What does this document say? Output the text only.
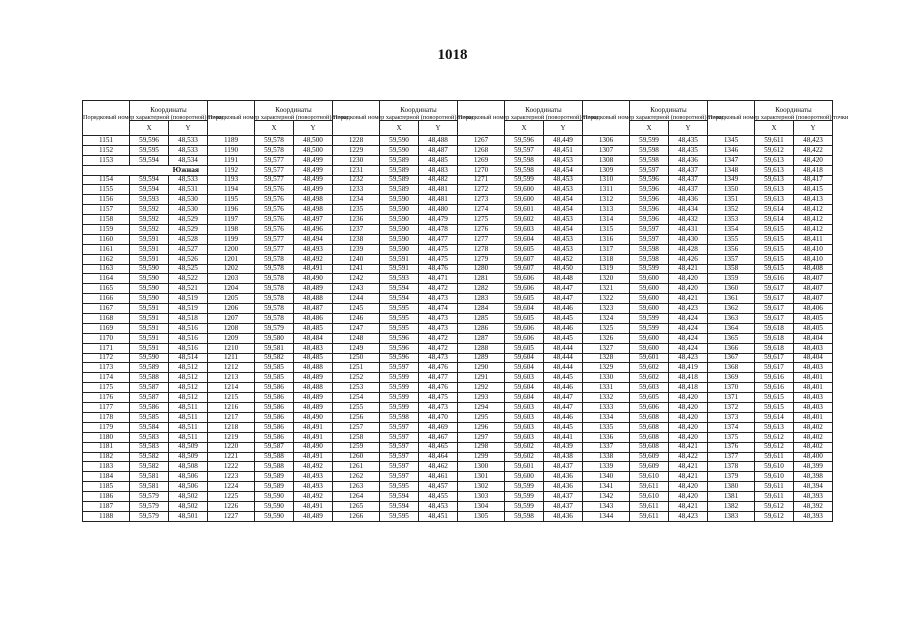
1018
Порядковый номер характерной (поворотной) точки	Координаты	
	X	Y
1151	59,596	48,533
1152	59,595	48,533
1153	59,594	48,534
Южная		
1154	59,594	48,533
1155	59,594	48,531
1156	59,593	48,530
1157	59,592	48,530
1158	59,592	48,529
1159	59,592	48,529
1160	59,591	48,528
1161	59,591	48,527
1162	59,591	48,526
1163	59,590	48,525
1164	59,590	48,522
1165	59,590	48,521
1166	59,590	48,519
1167	59,591	48,519
1168	59,591	48,518
1169	59,591	48,516
1170	59,591	48,516
1171	59,591	48,516
1172	59,590	48,514
1173	59,589	48,512
1174	59,588	48,512
1175	59,587	48,512
1176	59,587	48,512
1177	59,586	48,511
1178	59,585	48,511
1179	59,584	48,511
1180	59,583	48,511
1181	59,583	48,509
1182	59,582	48,509
1183	59,582	48,508
1184	59,581	48,506
1185	59,581	48,506
1186	59,579	48,502
1187	59,579	48,502
1188	59,579	48,501
Порядковый номер характерной (поворотной) точки	Координаты	
	X	Y
1189	59,578	48,500
1190	59,578	48,500
1191	59,577	48,499
1192	59,577	48,499
1193	59,577	48,499
1194	59,576	48,499
1195	59,576	48,498
1196	59,576	48,498
1197	59,576	48,497
1198	59,576	48,496
1199	59,577	48,494
1200	59,577	48,493
1201	59,578	48,492
1202	59,578	48,491
1203	59,578	48,490
1204	59,578	48,489
1205	59,578	48,488
1206	59,578	48,487
1207	59,578	48,486
1208	59,579	48,485
1209	59,580	48,484
1210	59,581	48,483
1211	59,582	48,485
1212	59,585	48,488
1213	59,585	48,489
1214	59,586	48,488
1215	59,586	48,489
1216	59,586	48,489
1217	59,586	48,490
1218	59,586	48,491
1219	59,586	48,491
1220	59,587	48,490
1221	59,588	48,491
1222	59,588	48,492
1223	59,589	48,493
1224	59,589	48,493
1225	59,590	48,492
1226	59,590	48,491
1227	59,590	48,489
Порядковый номер характерной (поворотной) точки	Координаты	
	X	Y
1228	59,590	48,488
1229	59,590	48,487
1230	59,589	48,485
1231	59,589	48,483
1232	59,589	48,482
1233	59,589	48,481
1234	59,590	48,481
1235	59,590	48,480
1236	59,590	48,479
1237	59,590	48,478
1238	59,590	48,477
1239	59,590	48,475
1240	59,591	48,475
1241	59,591	48,476
1242	59,593	48,471
1243	59,594	48,472
1244	59,594	48,473
1245	59,595	48,474
1246	59,595	48,473
1247	59,595	48,473
1248	59,596	48,472
1249	59,596	48,472
1250	59,596	48,473
1251	59,597	48,476
1252	59,599	48,477
1253	59,599	48,476
1254	59,599	48,475
1255	59,599	48,473
1256	59,598	48,470
1257	59,597	48,469
1258	59,597	48,467
1259	59,597	48,465
1260	59,597	48,464
1261	59,597	48,462
1262	59,597	48,461
1263	59,595	48,457
1264	59,594	48,455
1265	59,594	48,453
1266	59,595	48,451
Порядковый номер характерной (поворотной) точки	Координаты	
	X	Y
1267	59,596	48,449
1268	59,597	48,451
1269	59,598	48,453
1270	59,598	48,454
1271	59,599	48,453
1272	59,600	48,453
1273	59,600	48,454
1274	59,601	48,454
1275	59,602	48,453
1276	59,603	48,454
1277	59,604	48,453
1278	59,605	48,453
1279	59,607	48,452
1280	59,607	48,450
1281	59,606	48,448
1282	59,606	48,447
1283	59,605	48,447
1284	59,604	48,446
1285	59,605	48,445
1286	59,606	48,446
1287	59,606	48,445
1288	59,605	48,444
1289	59,604	48,444
1290	59,604	48,444
1291	59,603	48,445
1292	59,604	48,446
1293	59,604	48,447
1294	59,603	48,447
1295	59,603	48,446
1296	59,603	48,445
1297	59,603	48,441
1298	59,602	48,439
1299	59,602	48,438
1300	59,601	48,437
1301	59,600	48,436
1302	59,599	48,436
1303	59,599	48,437
1304	59,599	48,437
1305	59,598	48,436
Порядковый номер характерной (поворотной) точки	Координаты	
	X	Y
1306	59,599	48,435
1307	59,598	48,435
1308	59,598	48,436
1309	59,597	48,437
1310	59,596	48,437
1311	59,596	48,437
1312	59,596	48,436
1313	59,596	48,434
1314	59,596	48,432
1315	59,597	48,431
1316	59,597	48,430
1317	59,598	48,428
1318	59,598	48,426
1319	59,599	48,421
1320	59,600	48,420
1321	59,600	48,420
1322	59,600	48,421
1323	59,600	48,423
1324	59,599	48,424
1325	59,599	48,424
1326	59,600	48,424
1327	59,600	48,424
1328	59,601	48,423
1329	59,602	48,419
1330	59,602	48,418
1331	59,603	48,418
1332	59,605	48,420
1333	59,606	48,420
1334	59,608	48,420
1335	59,608	48,420
1336	59,608	48,420
1337	59,608	48,421
1338	59,609	48,422
1339	59,609	48,421
1340	59,610	48,421
1341	59,611	48,420
1342	59,610	48,420
1343	59,611	48,421
1344	59,611	48,423
Порядковый номер характерной (поворотной) точки	Координаты	
	X	Y
1345	59,611	48,423
1346	59,612	48,422
1347	59,613	48,420
1348	59,613	48,418
1349	59,613	48,417
1350	59,613	48,415
1351	59,613	48,413
1352	59,614	48,412
1353	59,614	48,412
1354	59,615	48,412
1355	59,615	48,411
1356	59,615	48,410
1357	59,615	48,410
1358	59,615	48,408
1359	59,616	48,407
1360	59,617	48,407
1361	59,617	48,407
1362	59,617	48,406
1363	59,617	48,405
1364	59,618	48,405
1365	59,618	48,404
1366	59,618	48,403
1367	59,617	48,404
1368	59,617	48,403
1369	59,616	48,401
1370	59,616	48,401
1371	59,615	48,403
1372	59,615	48,403
1373	59,614	48,401
1374	59,613	48,402
1375	59,612	48,402
1376	59,612	48,402
1377	59,611	48,400
1378	59,610	48,399
1379	59,610	48,398
1380	59,611	48,394
1381	59,611	48,393
1382	59,612	48,392
1383	59,612	48,393
